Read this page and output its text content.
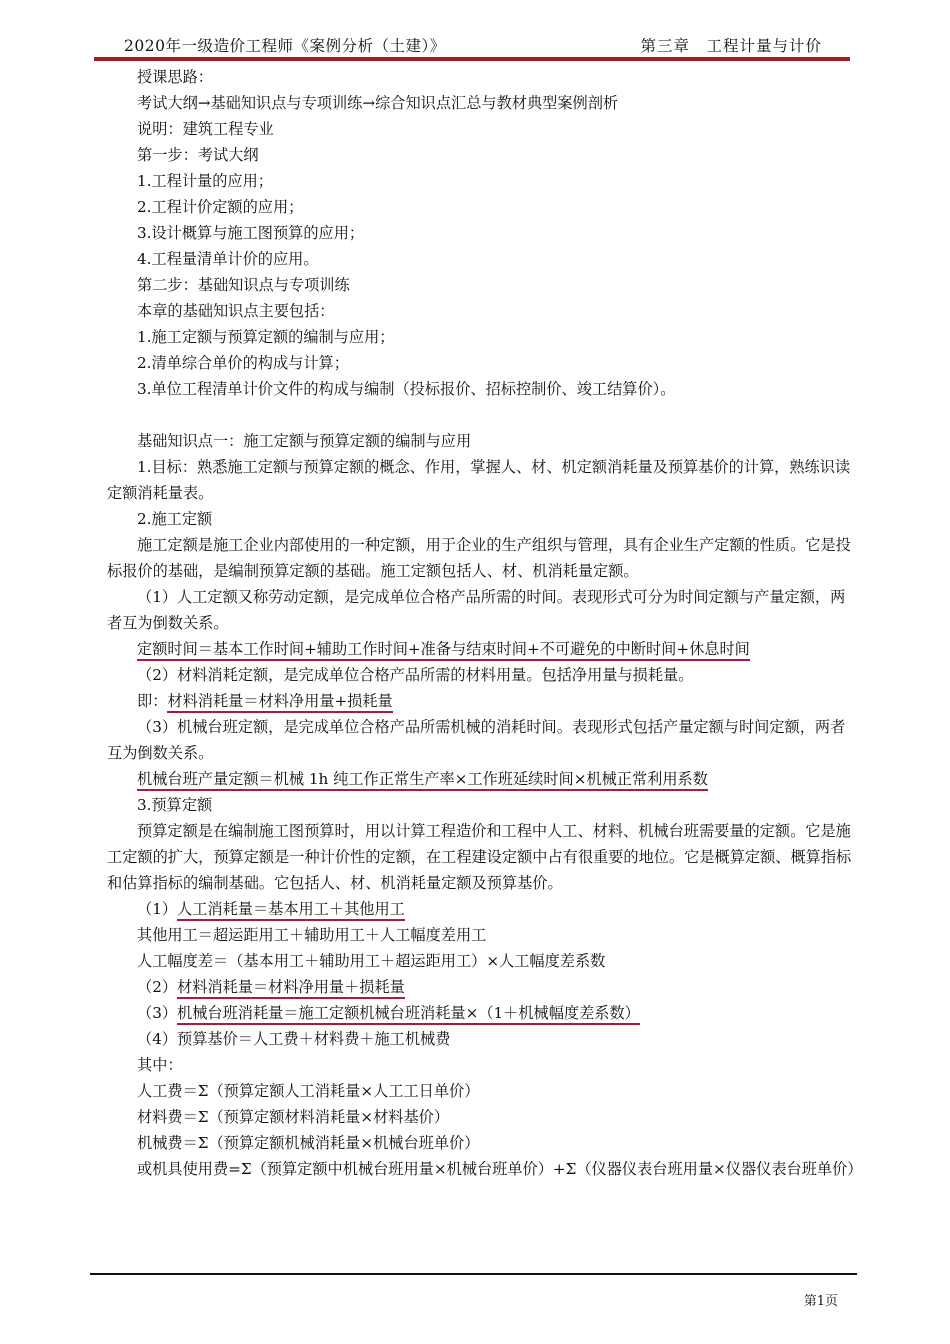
2020年一级造价工程师《案例分析（土建）》	第三章　工程计量与计价

授课思路：

考试大纲→基础知识点与专项训练→综合知识点汇总与教材典型案例剖析

说明：建筑工程专业

第一步：考试大纲

1.工程计量的应用；

2.工程计价定额的应用；

3.设计概算与施工图预算的应用；

4.工程量清单计价的应用。

第二步：基础知识点与专项训练

本章的基础知识点主要包括：

1.施工定额与预算定额的编制与应用；

2.清单综合单价的构成与计算；

3.单位工程清单计价文件的构成与编制（投标报价、招标控制价、竣工结算价）。

基础知识点一：施工定额与预算定额的编制与应用

1.目标：熟悉施工定额与预算定额的概念、作用，掌握人、材、机定额消耗量及预算基价的计算，熟练识读定额消耗量表。

2.施工定额

施工定额是施工企业内部使用的一种定额，用于企业的生产组织与管理，具有企业生产定额的性质。它是投标报价的基础，是编制预算定额的基础。施工定额包括人、材、机消耗量定额。

（1）人工定额又称劳动定额，是完成单位合格产品所需的时间。表现形式可分为时间定额与产量定额，两者互为倒数关系。

定额时间＝基本工作时间+辅助工作时间+准备与结束时间+不可避免的中断时间+休息时间

（2）材料消耗定额，是完成单位合格产品所需的材料用量。包括净用量与损耗量。

即：材料消耗量＝材料净用量+损耗量

（3）机械台班定额，是完成单位合格产品所需机械的消耗时间。表现形式包括产量定额与时间定额，两者互为倒数关系。

机械台班产量定额＝机械 1h 纯工作正常生产率×工作班延续时间×机械正常利用系数

3.预算定额

预算定额是在编制施工图预算时，用以计算工程造价和工程中人工、材料、机械台班需要量的定额。它是施工定额的扩大，预算定额是一种计价性的定额，在工程建设定额中占有很重要的地位。它是概算定额、概算指标和估算指标的编制基础。它包括人、材、机消耗量定额及预算基价。

（1）人工消耗量＝基本用工＋其他用工

其他用工＝超运距用工＋辅助用工＋人工幅度差用工

人工幅度差＝（基本用工＋辅助用工＋超运距用工）×人工幅度差系数

（2）材料消耗量＝材料净用量＋损耗量

（3）机械台班消耗量＝施工定额机械台班消耗量×（1＋机械幅度差系数）

（4）预算基价＝人工费＋材料费＋施工机械费

其中：

人工费＝Σ（预算定额人工消耗量×人工工日单价）

材料费＝Σ（预算定额材料消耗量×材料基价）

机械费＝Σ（预算定额机械消耗量×机械台班单价）

或机具使用费=Σ（预算定额中机械台班用量×机械台班单价）+Σ（仪器仪表台班用量×仪器仪表台班单价）

第1页
